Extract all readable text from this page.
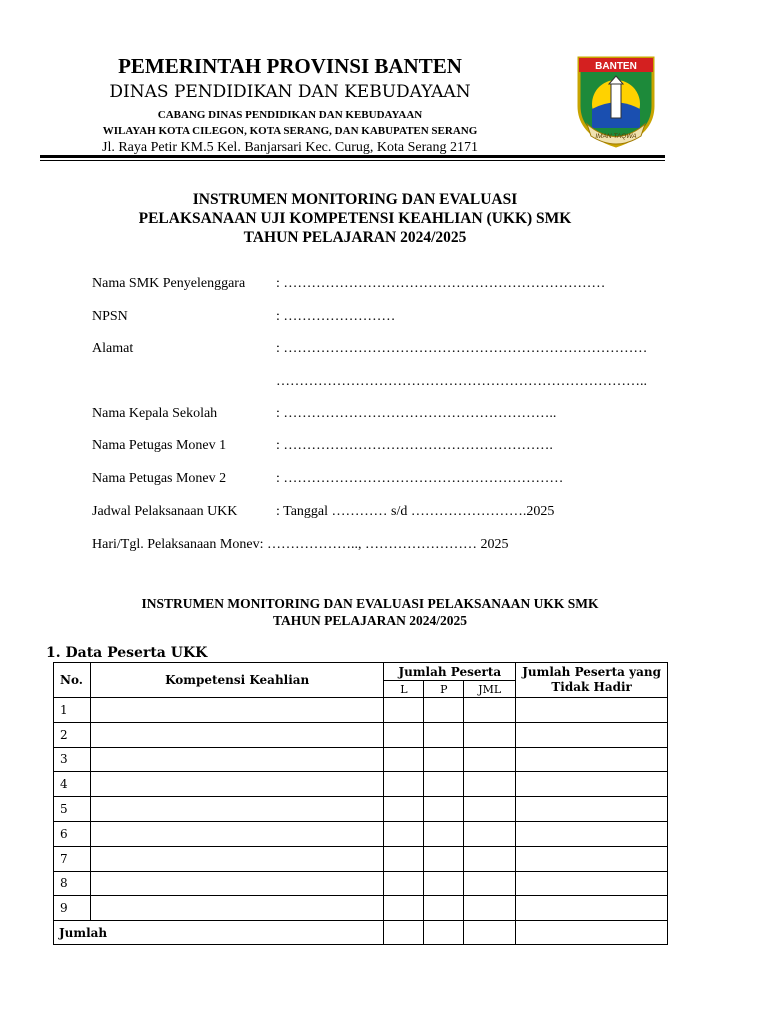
PEMERINTAH PROVINSI BANTEN
DINAS PENDIDIKAN DAN KEBUDAYAAN
CABANG DINAS PENDIDIKAN DAN KEBUDAYAAN
WILAYAH KOTA CILEGON, KOTA SERANG, DAN KABUPATEN SERANG
Jl. Raya Petir KM.5 Kel. Banjarsari Kec. Curug, Kota Serang 2171
BANTEN
IMAN TAQWA
INSTRUMEN MONITORING DAN EVALUASI
PELAKSANAAN UJI KOMPETENSI KEAHLIAN (UKK) SMK
TAHUN PELAJARAN 2024/2025
Nama SMK Penyelenggara : ……………………………………………………………
NPSN	: ……………………
Alamat	: ……………………………………………………………………
……………………………………………………………………..
Nama Kepala Sekolah	: …………………………………………………..
Nama Petugas Monev 1	: ………………………………………………….
Nama Petugas Monev 2	: ……………………………………………………
Jadwal Pelaksanaan UKK	: Tanggal ………… s/d …………………….2025
Hari/Tgl. Pelaksanaan Monev: ……………….., …………………… 2025
INSTRUMEN MONITORING DAN EVALUASI PELAKSANAAN UKK SMK
TAHUN PELAJARAN 2024/2025
1. Data Peserta UKK
No.	Kompetensi Keahlian	Jumlah Peserta			Jumlah Peserta yang Tidak Hadir
		L	P	JML	
1					
2					
3					
4					
5					
6					
7					
8					
9					
Jumlah					
